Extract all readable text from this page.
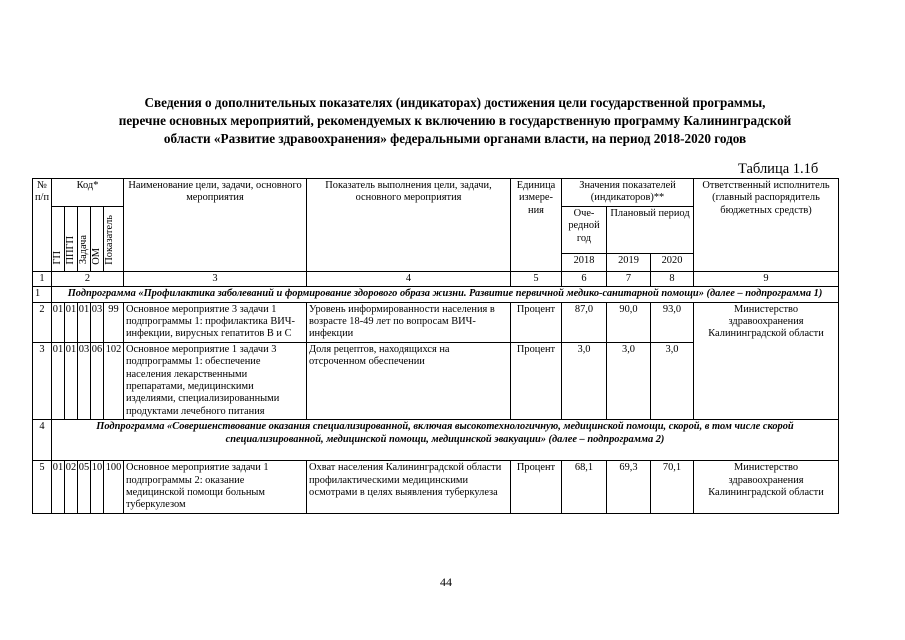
Сведения о дополнительных показателях (индикаторах) достижения цели государственной программы,
перечне основных мероприятий, рекомендуемых к включению в государственную программу Калининградской
области «Развитие здравоохранения» федеральными органами власти, на период 2018-2020 годов
Таблица 1.1б
№ п/п	Код*					Наименование цели, задачи, основного мероприятия	Показатель выполнения цели, задачи, основного мероприятия	Единица измере-ния	Значения показателей (индикаторов)**			Ответственный исполнитель (главный распорядитель бюджетных средств)
	ГП	ППГП	Задача	ОМ	Показатель				Оче-редной год	Плановый период		
									2018	2019	2020	
1	2					3	4	5	6	7	8	9
1	Подпрограмма «Профилактика заболеваний и формирование здорового образа жизни. Развитие первичной медико-санитарной помощи» (далее – подпрограмма 1)											
2	01	01	01	03	99	Основное мероприятие 3 задачи 1 подпрограммы 1: профилактика ВИЧ-инфекции, вирусных гепатитов В и С	Уровень информированности населения в возрасте 18-49 лет по вопросам ВИЧ-инфекции	Процент	87,0	90,0	93,0	Министерство здравоохранения Калининградской области
3	01	01	03	06	102	Основное мероприятие 1 задачи 3 подпрограммы 1: обеспечение населения лекарственными препаратами, медицинскими изделиями, специализированными продуктами лечебного питания	Доля рецептов, находящихся на отсроченном обеспечении	Процент	3,0	3,0	3,0	
4	Подпрограмма «Совершенствование оказания специализированной, включая высокотехнологичную, медицинской помощи, скорой, в том числе скорой специализированной, медицинской помощи, медицинской эвакуации» (далее – подпрограмма 2)											
5	01	02	05	10	100	Основное мероприятие задачи 1 подпрограммы 2: оказание медицинской помощи больным туберкулезом	Охват населения Калининградской области профилактическими медицинскими осмотрами в целях выявления туберкулеза	Процент	68,1	69,3	70,1	Министерство здравоохранения Калининградской области
44
